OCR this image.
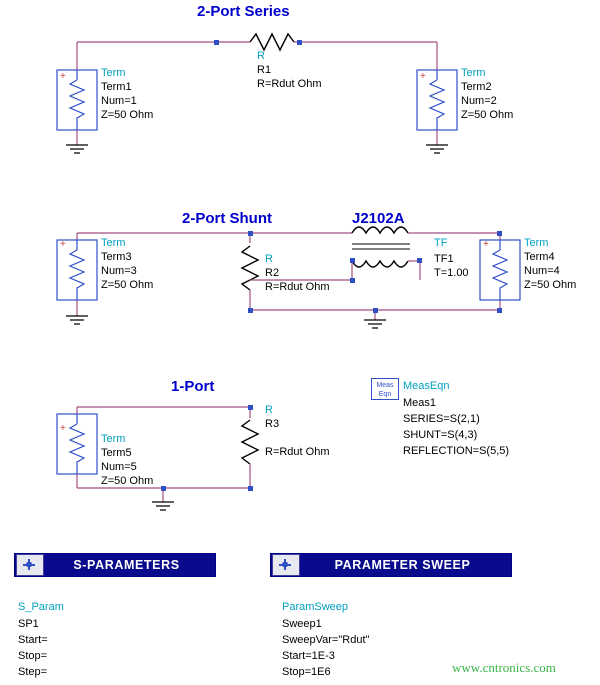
2-Port Series
2-Port Shunt	J2102A
1-Port
+	+
R
R1
R=Rdut Ohm
Term
Term1
Num=1
Z=50 Ohm
Term
Term2
Num=2
Z=50 Ohm
+	+
R
R2
R=Rdut Ohm
TF
TF1
T=1.00
Term
Term3
Num=3
Z=50 Ohm
Term
Term4
Num=4
Z=50 Ohm
+
R
R3
R=Rdut Ohm
Term
Term5
Num=5
Z=50 Ohm
Meas
Eqn
MeasEqn
Meas1
SERIES=S(2,1)
SHUNT=S(4,3)
REFLECTION=S(5,5)
S-PARAMETERS
S_Param
SP1
Start=
Stop=
Step=
PARAMETER SWEEP
ParamSweep
Sweep1
SweepVar="Rdut"
Start=1E-3
Stop=1E6	www.cntronics.com
